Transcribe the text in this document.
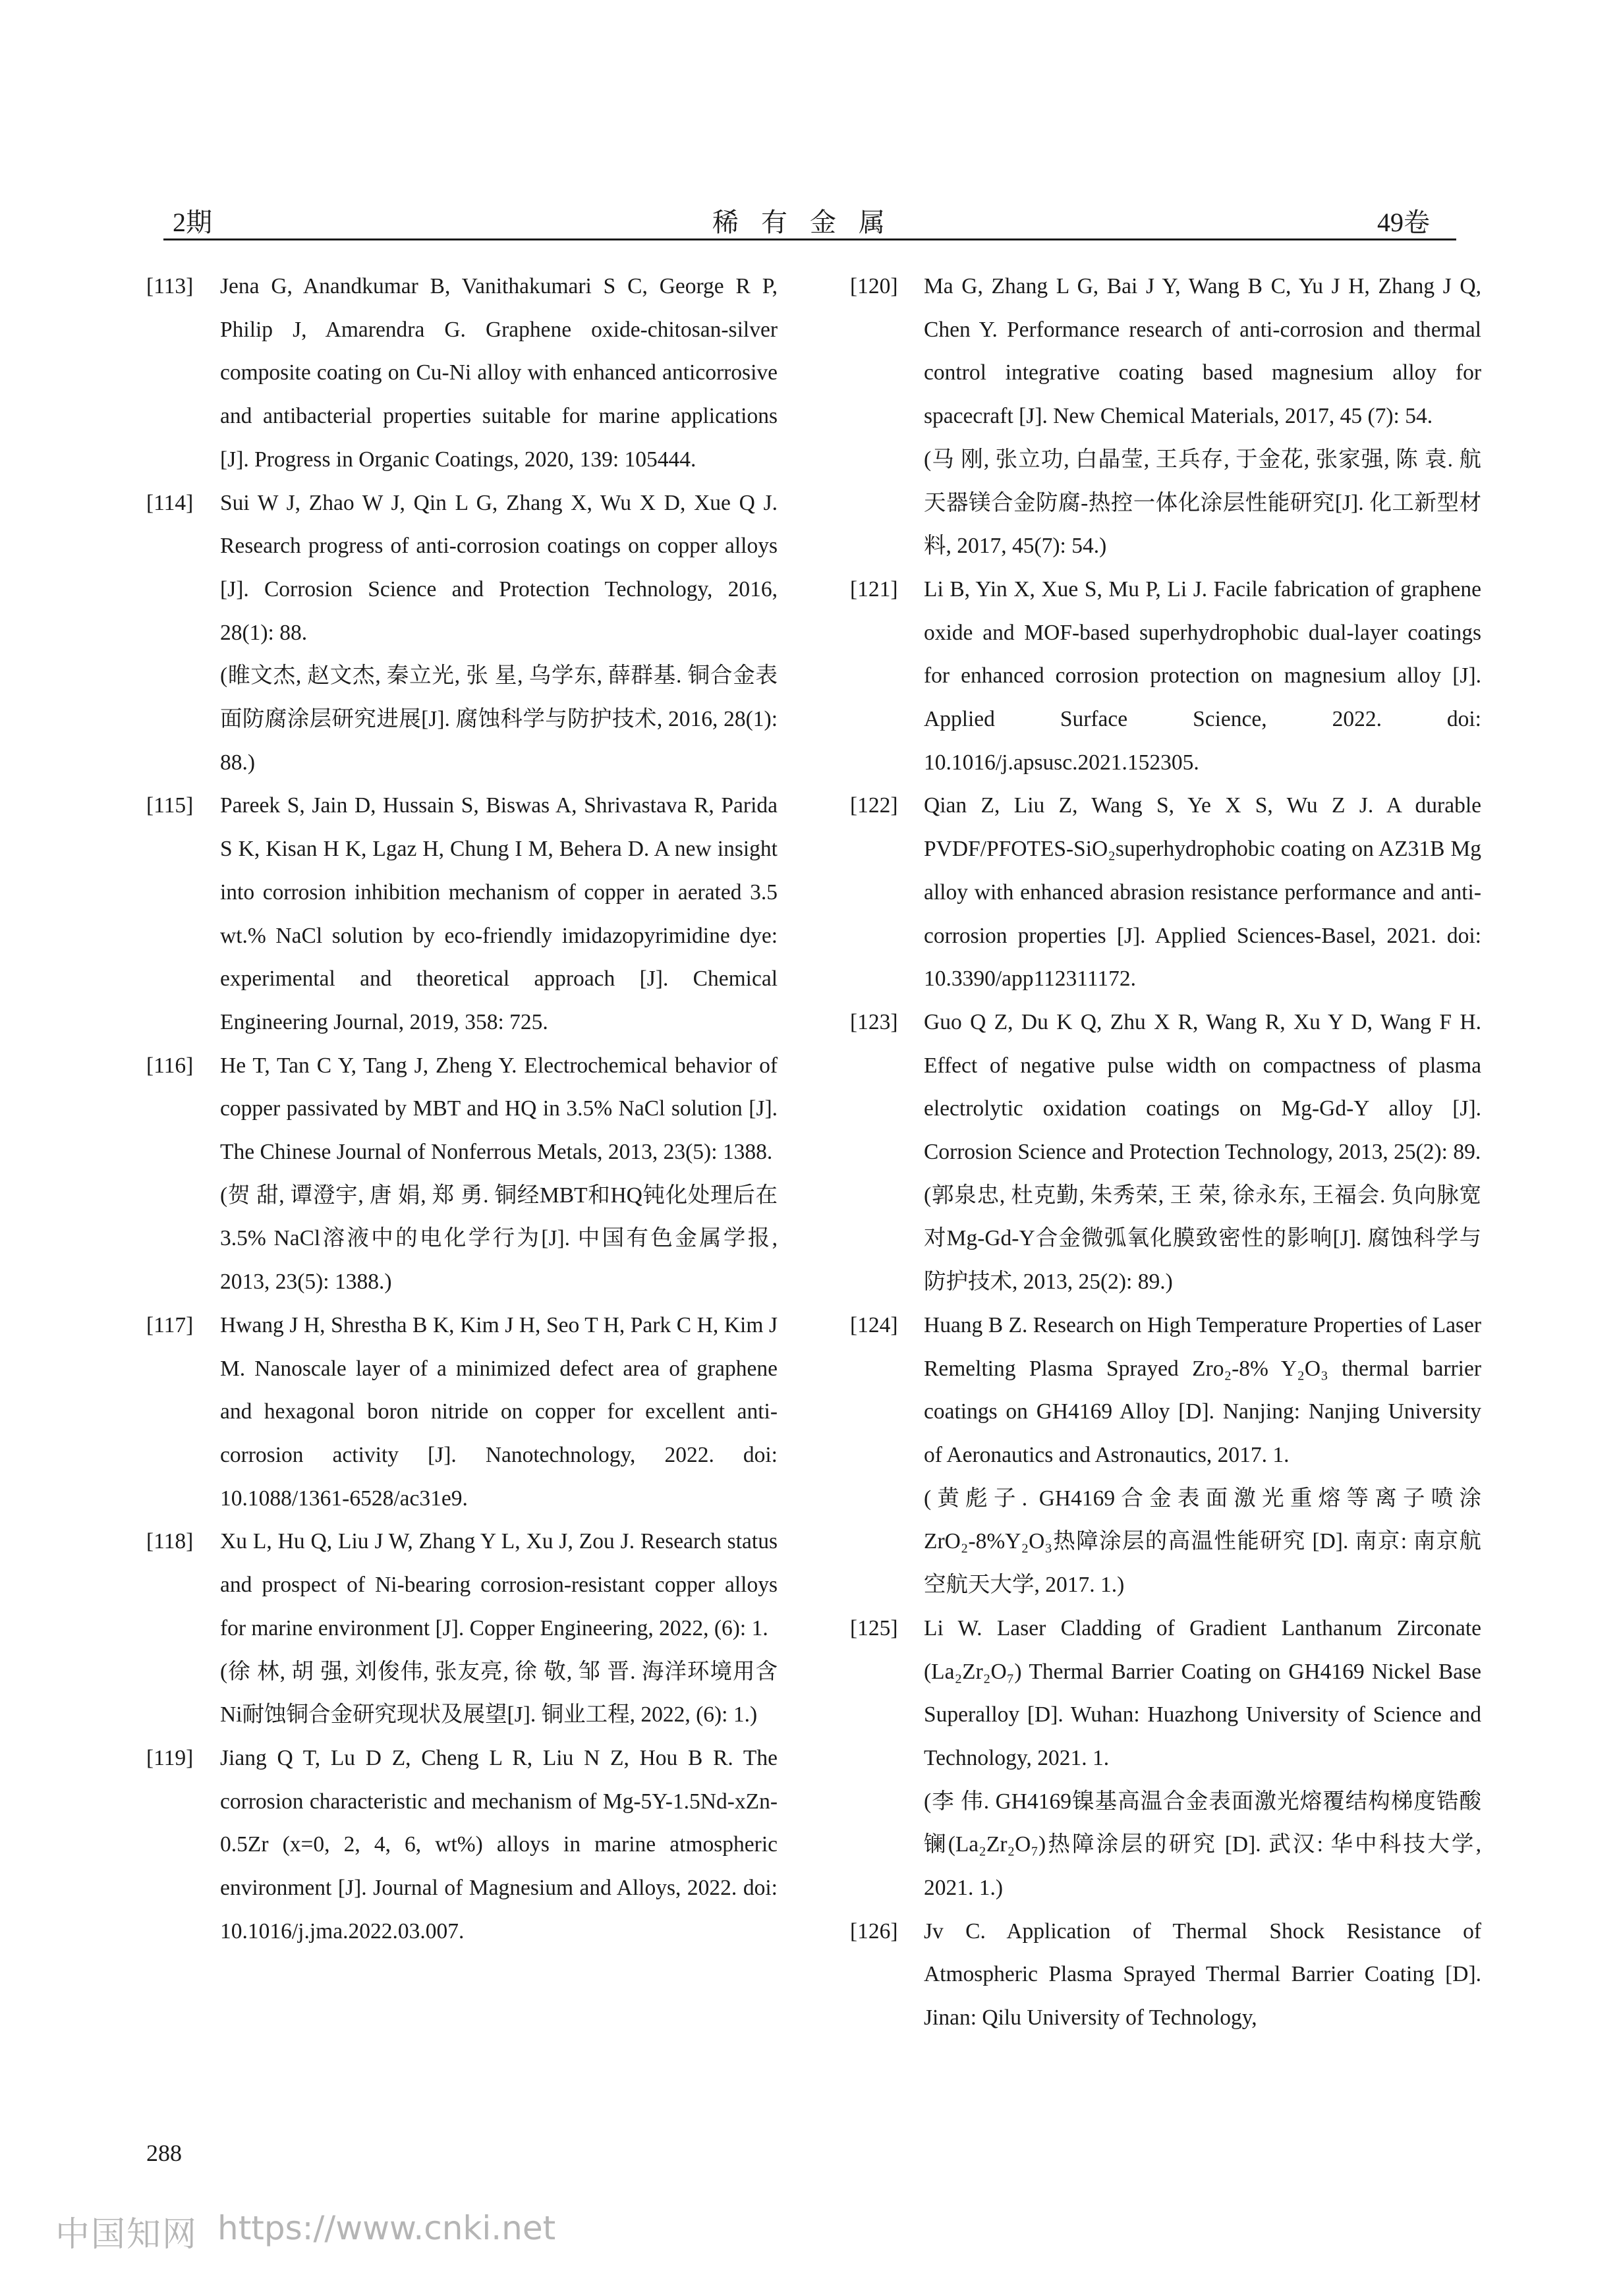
2期	稀有金属	49卷
[113] Jena G, Anandkumar B, Vanithakumari S C, George R P, Philip J, Amarendra G. Graphene oxide-chitosan-silver composite coating on Cu-Ni alloy with enhanced anticorrosive and antibacterial properties suitable for marine applications [J]. Progress in Organic Coatings, 2020, 139: 105444.
[114] Sui W J, Zhao W J, Qin L G, Zhang X, Wu X D, Xue Q J. Research progress of anti-corrosion coatings on copper alloys [J]. Corrosion Science and Protection Technology, 2016, 28(1): 88.
(睢文杰, 赵文杰, 秦立光, 张 星, 乌学东, 薛群基. 铜合金表面防腐涂层研究进展[J]. 腐蚀科学与防护技术, 2016, 28(1): 88.)
[115] Pareek S, Jain D, Hussain S, Biswas A, Shrivastava R, Parida S K, Kisan H K, Lgaz H, Chung I M, Behera D. A new insight into corrosion inhibition mechanism of copper in aerated 3.5 wt.% NaCl solution by eco-friendly imidazopyrimidine dye: experimental and theoretical approach [J]. Chemical Engineering Journal, 2019, 358: 725.
[116] He T, Tan C Y, Tang J, Zheng Y. Electrochemical behavior of copper passivated by MBT and HQ in 3.5% NaCl solution [J]. The Chinese Journal of Nonferrous Metals, 2013, 23(5): 1388.
(贺 甜, 谭澄宇, 唐 娟, 郑 勇. 铜经MBT和HQ钝化处理后在3.5% NaCl溶液中的电化学行为[J]. 中国有色金属学报, 2013, 23(5): 1388.)
[117] Hwang J H, Shrestha B K, Kim J H, Seo T H, Park C H, Kim J M. Nanoscale layer of a minimized defect area of graphene and hexagonal boron nitride on copper for excellent anti-corrosion activity [J]. Nanotechnology, 2022. doi: 10.1088/1361-6528/ac31e9.
[118] Xu L, Hu Q, Liu J W, Zhang Y L, Xu J, Zou J. Research status and prospect of Ni-bearing corrosion-resistant copper alloys for marine environment [J]. Copper Engineering, 2022, (6): 1.
(徐 林, 胡 强, 刘俊伟, 张友亮, 徐 敬, 邹 晋. 海洋环境用含Ni耐蚀铜合金研究现状及展望[J]. 铜业工程, 2022, (6): 1.)
[119] Jiang Q T, Lu D Z, Cheng L R, Liu N Z, Hou B R. The corrosion characteristic and mechanism of Mg-5Y-1.5Nd-xZn-0.5Zr (x=0, 2, 4, 6, wt%) alloys in marine atmospheric environment [J]. Journal of Magnesium and Alloys, 2022. doi: 10.1016/j.jma.2022.03.007.
[120] Ma G, Zhang L G, Bai J Y, Wang B C, Yu J H, Zhang J Q, Chen Y. Performance research of anti-corrosion and thermal control integrative coating based magnesium alloy for spacecraft [J]. New Chemical Materials, 2017, 45 (7): 54.
(马 刚, 张立功, 白晶莹, 王兵存, 于金花, 张家强, 陈 袁. 航天器镁合金防腐-热控一体化涂层性能研究[J]. 化工新型材料, 2017, 45(7): 54.)
[121] Li B, Yin X, Xue S, Mu P, Li J. Facile fabrication of graphene oxide and MOF-based superhydrophobic dual-layer coatings for enhanced corrosion protection on magnesium alloy [J]. Applied Surface Science, 2022. doi: 10.1016/j.apsusc.2021.152305.
[122] Qian Z, Liu Z, Wang S, Ye X S, Wu Z J. A durable PVDF/PFOTES-SiO₂superhydrophobic coating on AZ31B Mg alloy with enhanced abrasion resistance performance and anti-corrosion properties [J]. Applied Sciences-Basel, 2021. doi: 10.3390/app112311172.
[123] Guo Q Z, Du K Q, Zhu X R, Wang R, Xu Y D, Wang F H. Effect of negative pulse width on compactness of plasma electrolytic oxidation coatings on Mg-Gd-Y alloy [J]. Corrosion Science and Protection Technology, 2013, 25(2): 89.
(郭泉忠, 杜克勤, 朱秀荣, 王 荣, 徐永东, 王福会. 负向脉宽对Mg-Gd-Y合金微弧氧化膜致密性的影响[J]. 腐蚀科学与防护技术, 2013, 25(2): 89.)
[124] Huang B Z. Research on High Temperature Properties of Laser Remelting Plasma Sprayed Zro₂-8% Y₂O₃ thermal barrier coatings on GH4169 Alloy [D]. Nanjing: Nanjing University of Aeronautics and Astronautics, 2017. 1.
(黄彪子. GH4169合金表面激光重熔等离子喷涂ZrO₂-8%Y₂O₃热障涂层的高温性能研究 [D]. 南京: 南京航空航天大学, 2017. 1.)
[125] Li W. Laser Cladding of Gradient Lanthanum Zirconate (La₂Zr₂O₇) Thermal Barrier Coating on GH4169 Nickel Base Superalloy [D]. Wuhan: Huazhong University of Science and Technology, 2021. 1.
(李 伟. GH4169镍基高温合金表面激光熔覆结构梯度锆酸镧(La₂Zr₂O₇)热障涂层的研究 [D]. 武汉: 华中科技大学, 2021. 1.)
[126] Jv C. Application of Thermal Shock Resistance of Atmospheric Plasma Sprayed Thermal Barrier Coating [D]. Jinan: Qilu University of Technology,
288
中国知网 https://www.cnki.net
